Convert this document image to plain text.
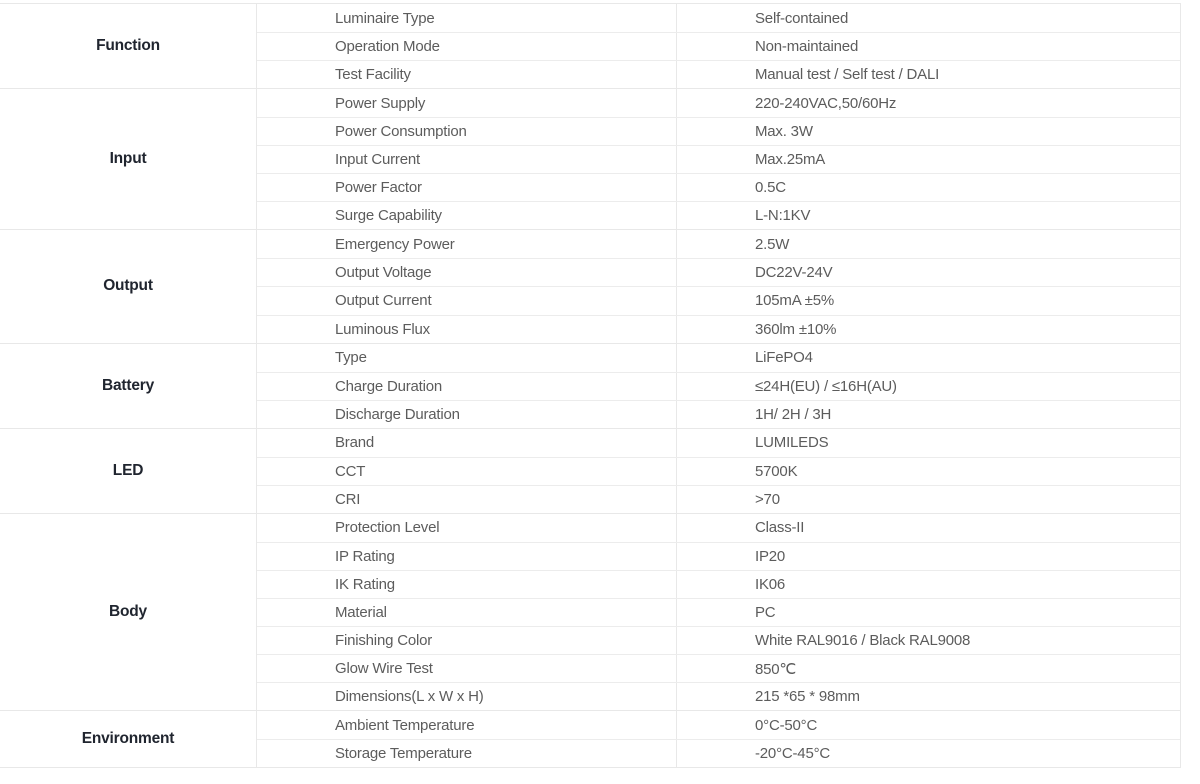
Function
Luminaire Type	Self-contained
Operation Mode	Non-maintained
Test Facility	Manual test / Self test / DALI
Input
Power Supply	220-240VAC,50/60Hz
Power Consumption	Max. 3W
Input Current	Max.25mA
Power Factor	0.5C
Surge Capability	L-N:1KV
Output
Emergency Power	2.5W
Output Voltage	DC22V-24V
Output Current	105mA ±5%
Luminous Flux	360lm ±10%
Battery
Type	LiFePO4
Charge Duration	≤24H(EU) / ≤16H(AU)
Discharge Duration	1H/ 2H / 3H
LED
Brand	LUMILEDS
CCT	5700K
CRI	>70
Body
Protection Level	Class-II
IP Rating	IP20
IK Rating	IK06
Material	PC
Finishing Color	White RAL9016 / Black RAL9008
Glow Wire Test	850℃
Dimensions(L x W x H)	215 *65 * 98mm
Environment
Ambient Temperature	0°C-50°C
Storage Temperature	-20°C-45°C
